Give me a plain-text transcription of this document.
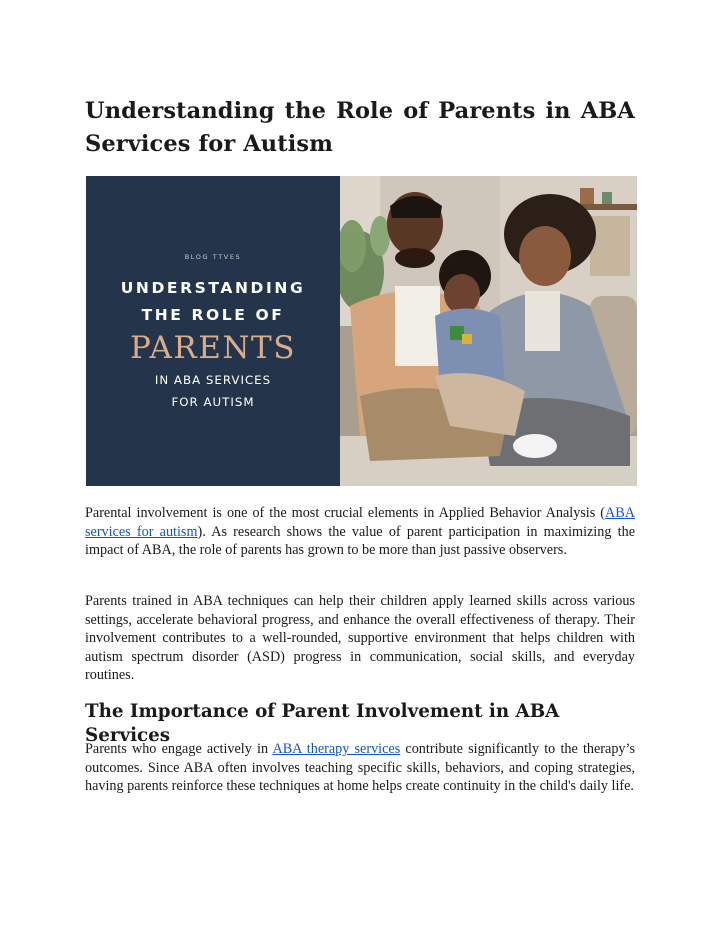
Understanding the Role of Parents in ABA Services for Autism
BLOG TTVES
UNDERSTANDING
THE ROLE OF
PARENTS
IN ABA SERVICES
FOR AUTISM

Parental involvement is one of the most crucial elements in Applied Behavior Analysis (ABA services for autism). As research shows the value of parent participation in maximizing the impact of ABA, the role of parents has grown to be more than just passive observers.

Parents trained in ABA techniques can help their children apply learned skills across various settings, accelerate behavioral progress, and enhance the overall effectiveness of therapy. Their involvement contributes to a well-rounded, supportive environment that helps children with autism spectrum disorder (ASD) progress in communication, social skills, and everyday routines.

The Importance of Parent Involvement in ABA Services

Parents who engage actively in ABA therapy services contribute significantly to the therapy’s outcomes. Since ABA often involves teaching specific skills, behaviors, and coping strategies, having parents reinforce these techniques at home helps create continuity in the child's daily life.
